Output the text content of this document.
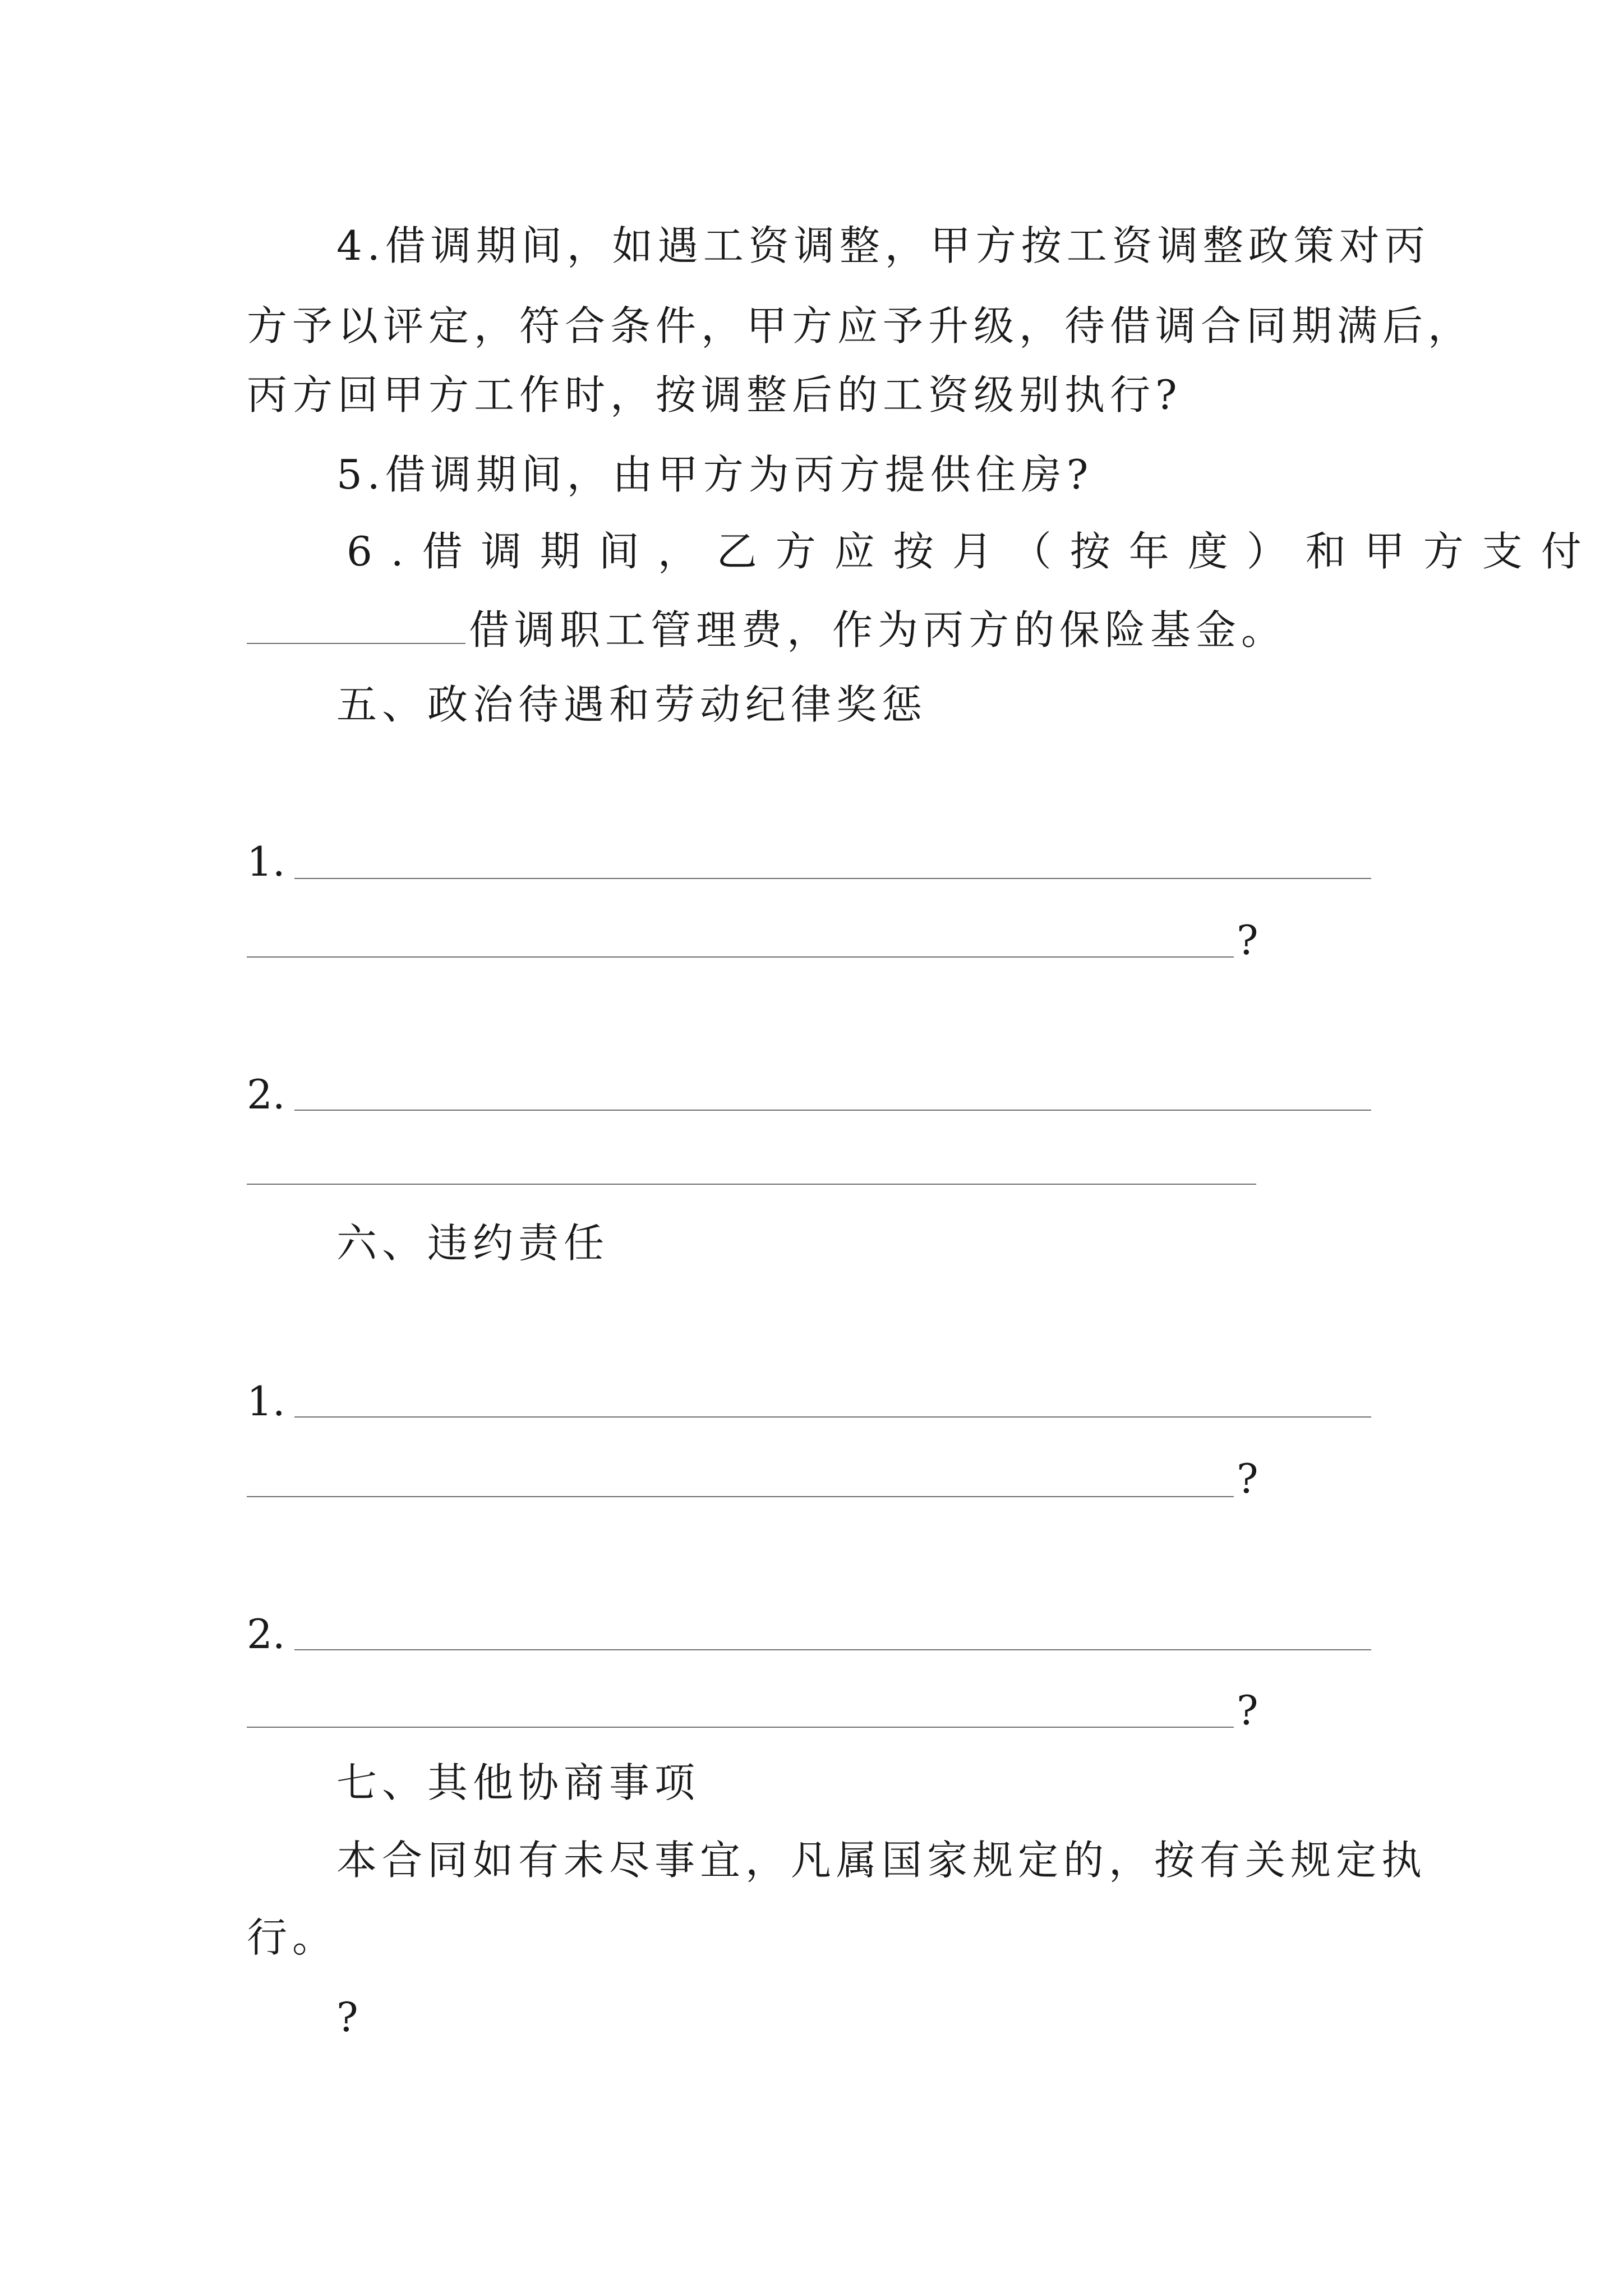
4.借调期间，如遇工资调整，甲方按工资调整政策对丙
方予以评定，符合条件，甲方应予升级，待借调合同期满后，
丙方回甲方工作时，按调整后的工资级别执行?
5.借调期间，由甲方为丙方提供住房?
6.借调期间，乙方应按月（按年度）和甲方支付
借调职工管理费，作为丙方的保险基金。
五、政治待遇和劳动纪律奖惩
1.
?
2.
六、违约责任
1.
?
2.
?
七、其他协商事项
本合同如有未尽事宜，凡属国家规定的，按有关规定执
行。
?
